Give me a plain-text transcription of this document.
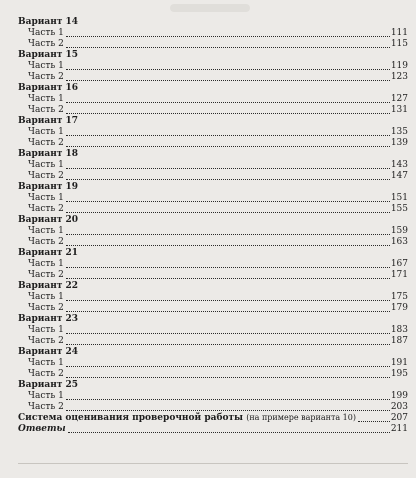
Вариант 14
Часть 1	111
Часть 2	115
Вариант 15
Часть 1	119
Часть 2	123
Вариант 16
Часть 1	127
Часть 2	131
Вариант 17
Часть 1	135
Часть 2	139
Вариант 18
Часть 1	143
Часть 2	147
Вариант 19
Часть 1	151
Часть 2	155
Вариант 20
Часть 1	159
Часть 2	163
Вариант 21
Часть 1	167
Часть 2	171
Вариант 22
Часть 1	175
Часть 2	179
Вариант 23
Часть 1	183
Часть 2	187
Вариант 24
Часть 1	191
Часть 2	195
Вариант 25
Часть 1	199
Часть 2	203
Система оценивания проверочной работы (на примере варианта 10)	207
Ответы	211
